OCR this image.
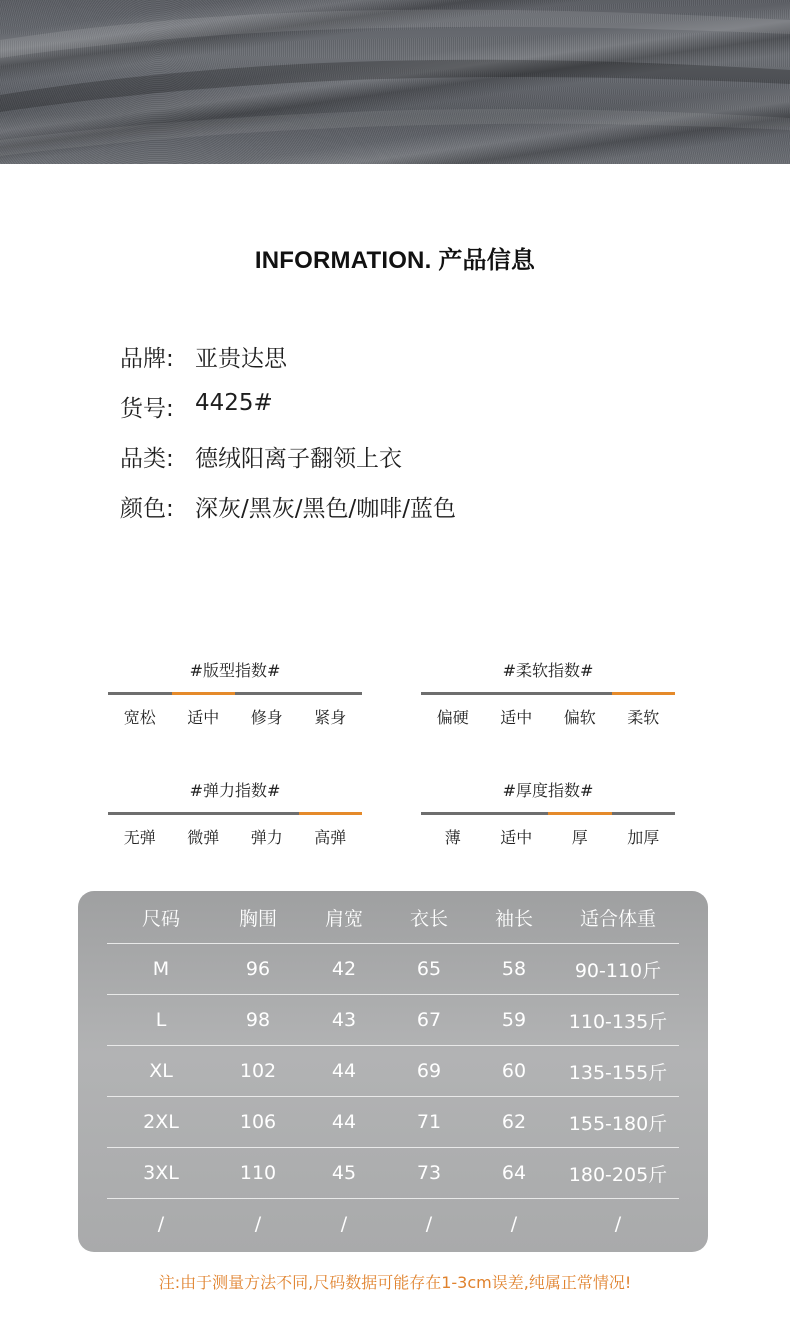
INFORMATION. 产品信息
品牌: 亚贵达思
货号: 4425#
品类: 德绒阳离子翻领上衣
颜色: 深灰/黑灰/黑色/咖啡/蓝色
#版型指数#
宽松	适中	修身	紧身
#柔软指数#
偏硬	适中	偏软	柔软
#弹力指数#
无弹	微弹	弹力	高弹
#厚度指数#
薄	适中	厚	加厚
尺码	胸围	肩宽	衣长	袖长	适合体重
M	96	42	65	58	90-110斤
L	98	43	67	59	110-135斤
XL	102	44	69	60	135-155斤
2XL	106	44	71	62	155-180斤
3XL	110	45	73	64	180-205斤
/	/	/	/	/	/
注:由于测量方法不同,尺码数据可能存在1-3cm误差,纯属正常情况!
